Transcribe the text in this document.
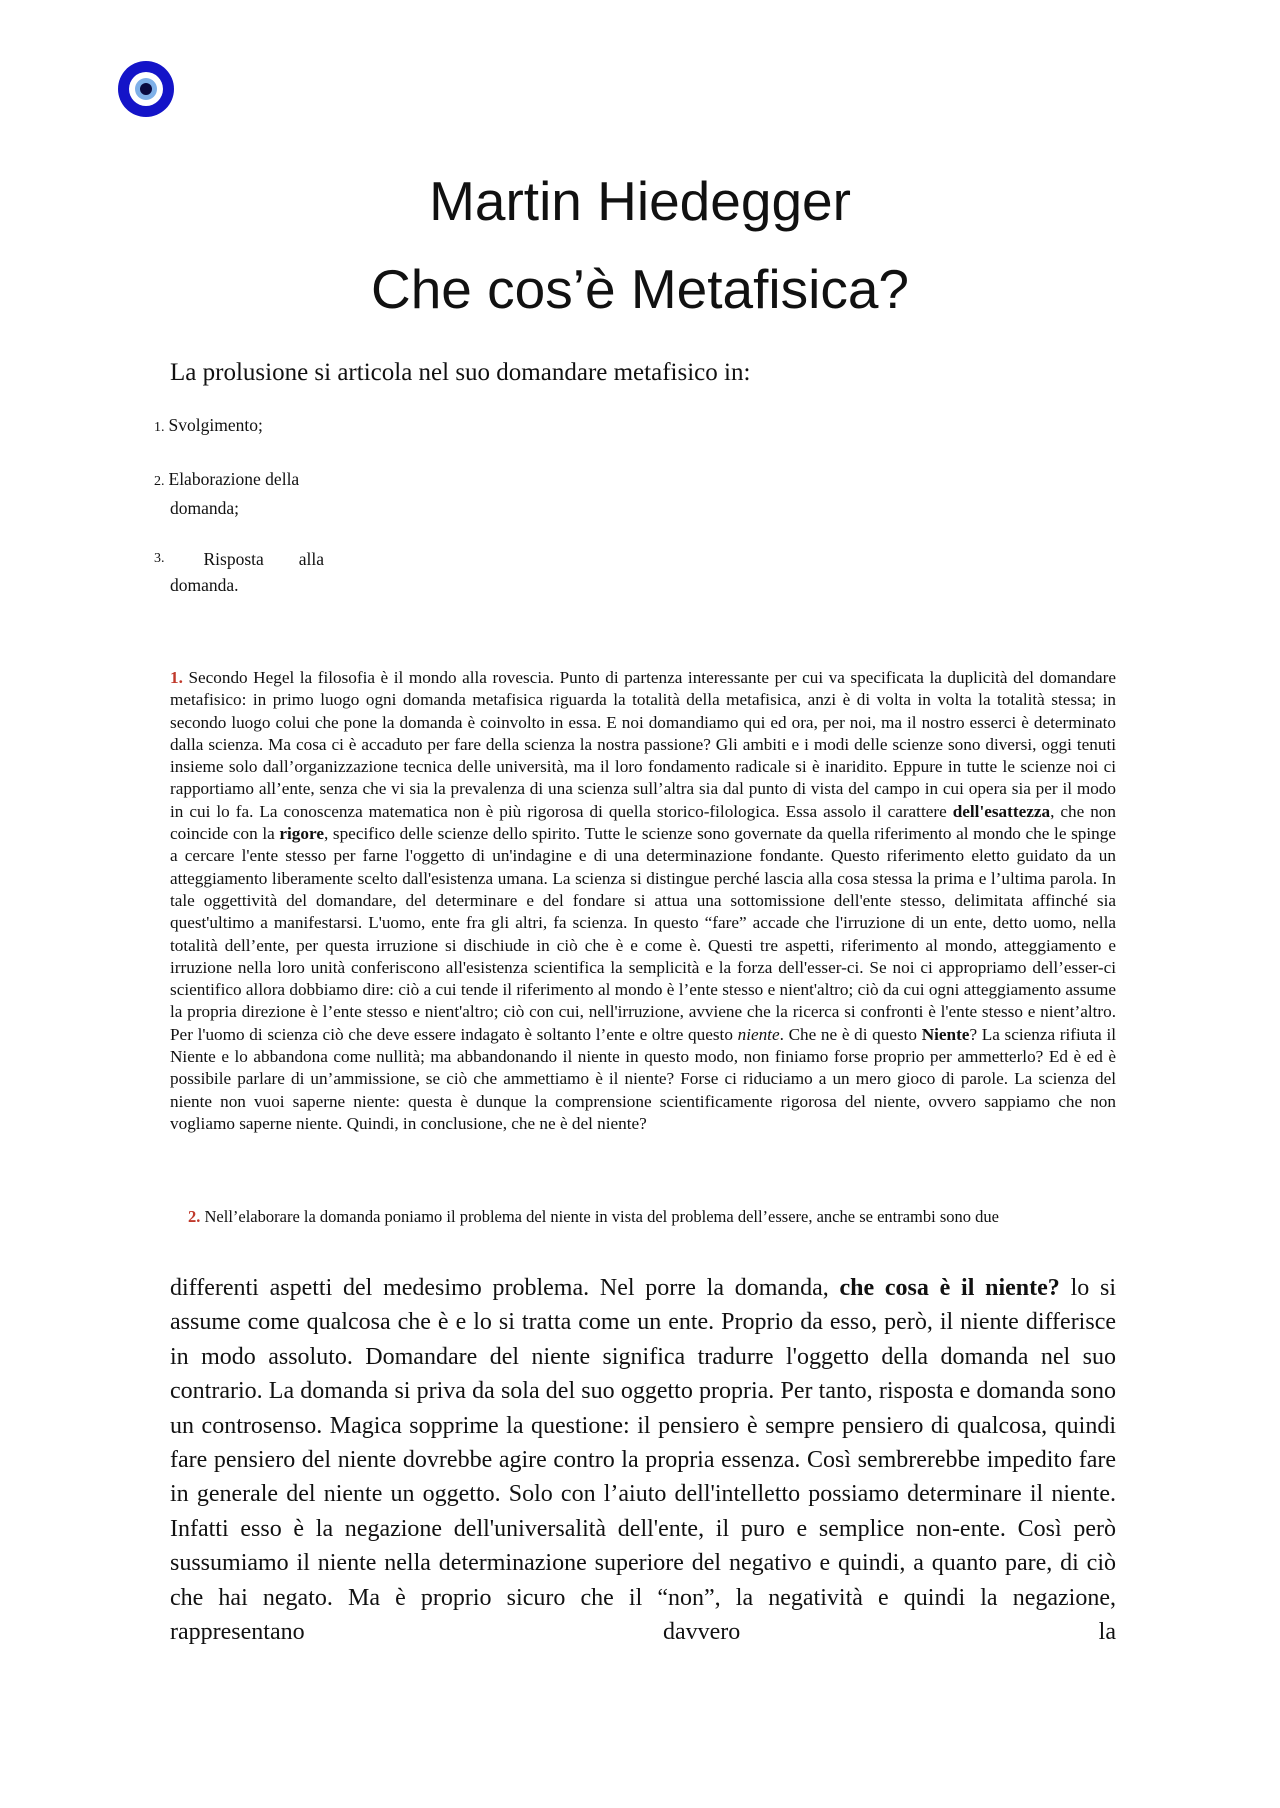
Martin Hiedegger
Che cos’è Metafisica?

La prolusione si articola nel suo domandare metafisico in:

1. Svolgimento;
2. Elaborazione della
domanda;
3. Risposta alla
domanda.

1. Secondo Hegel la filosofia è il mondo alla rovescia. Punto di partenza interessante per cui va specificata la duplicità del domandare metafisico: in primo luogo ogni domanda metafisica riguarda la totalità della metafisica, anzi è di volta in volta la totalità stessa; in secondo luogo colui che pone la domanda è coinvolto in essa. E noi domandiamo qui ed ora, per noi, ma il nostro esserci è determinato dalla scienza. Ma cosa ci è accaduto per fare della scienza la nostra passione? Gli ambiti e i modi delle scienze sono diversi, oggi tenuti insieme solo dall’organizzazione tecnica delle università, ma il loro fondamento radicale si è inaridito. Eppure in tutte le scienze noi ci rapportiamo all’ente, senza che vi sia la prevalenza di una scienza sull’altra sia dal punto di vista del campo in cui opera sia per il modo in cui lo fa. La conoscenza matematica non è più rigorosa di quella storico-filologica. Essa assolo il carattere dell'esattezza, che non coincide con la rigore, specifico delle scienze dello spirito. Tutte le scienze sono governate da quella riferimento al mondo che le spinge a cercare l'ente stesso per farne l'oggetto di un'indagine e di una determinazione fondante. Questo riferimento eletto guidato da un atteggiamento liberamente scelto dall'esistenza umana. La scienza si distingue perché lascia alla cosa stessa la prima e l’ultima parola. In tale oggettività del domandare, del determinare e del fondare si attua una sottomissione dell'ente stesso, delimitata affinché sia quest'ultimo a manifestarsi. L'uomo, ente fra gli altri, fa scienza. In questo “fare” accade che l'irruzione di un ente, detto uomo, nella totalità dell’ente, per questa irruzione si dischiude in ciò che è e come è. Questi tre aspetti, riferimento al mondo, atteggiamento e irruzione nella loro unità conferiscono all'esistenza scientifica la semplicità e la forza dell'esser-ci. Se noi ci appropriamo dell’esser-ci scientifico allora dobbiamo dire: ciò a cui tende il riferimento al mondo è l’ente stesso e nient'altro; ciò da cui ogni atteggiamento assume la propria direzione è l’ente stesso e nient'altro; ciò con cui, nell'irruzione, avviene che la ricerca si confronti è l'ente stesso e nient’altro. Per l'uomo di scienza ciò che deve essere indagato è soltanto l’ente e oltre questo niente. Che ne è di questo Niente? La scienza rifiuta il Niente e lo abbandona come nullità; ma abbandonando il niente in questo modo, non finiamo forse proprio per ammetterlo? Ed è ed è possibile parlare di un’ammissione, se ciò che ammettiamo è il niente? Forse ci riduciamo a un mero gioco di parole. La scienza del niente non vuoi saperne niente: questa è dunque la comprensione scientificamente rigorosa del niente, ovvero sappiamo che non vogliamo saperne niente. Quindi, in conclusione, che ne è del niente?

2. Nell’elaborare la domanda poniamo il problema del niente in vista del problema dell’essere, anche se entrambi sono due

differenti aspetti del medesimo problema. Nel porre la domanda, che cosa è il niente? lo si assume come qualcosa che è e lo si tratta come un ente. Proprio da esso, però, il niente differisce in modo assoluto. Domandare del niente significa tradurre l'oggetto della domanda nel suo contrario. La domanda si priva da sola del suo oggetto propria. Per tanto, risposta e domanda sono un controsenso. Magica sopprime la questione: il pensiero è sempre pensiero di qualcosa, quindi fare pensiero del niente dovrebbe agire contro la propria essenza. Così sembrerebbe impedito fare in generale del niente un oggetto. Solo con l’aiuto dell'intelletto possiamo determinare il niente. Infatti esso è la negazione dell'universalità dell'ente, il puro e semplice non-ente. Così però sussumiamo il niente nella determinazione superiore del negativo e quindi, a quanto pare, di ciò che hai negato. Ma è proprio sicuro che il “non”, la negatività e quindi la negazione, rappresentano davvero la
